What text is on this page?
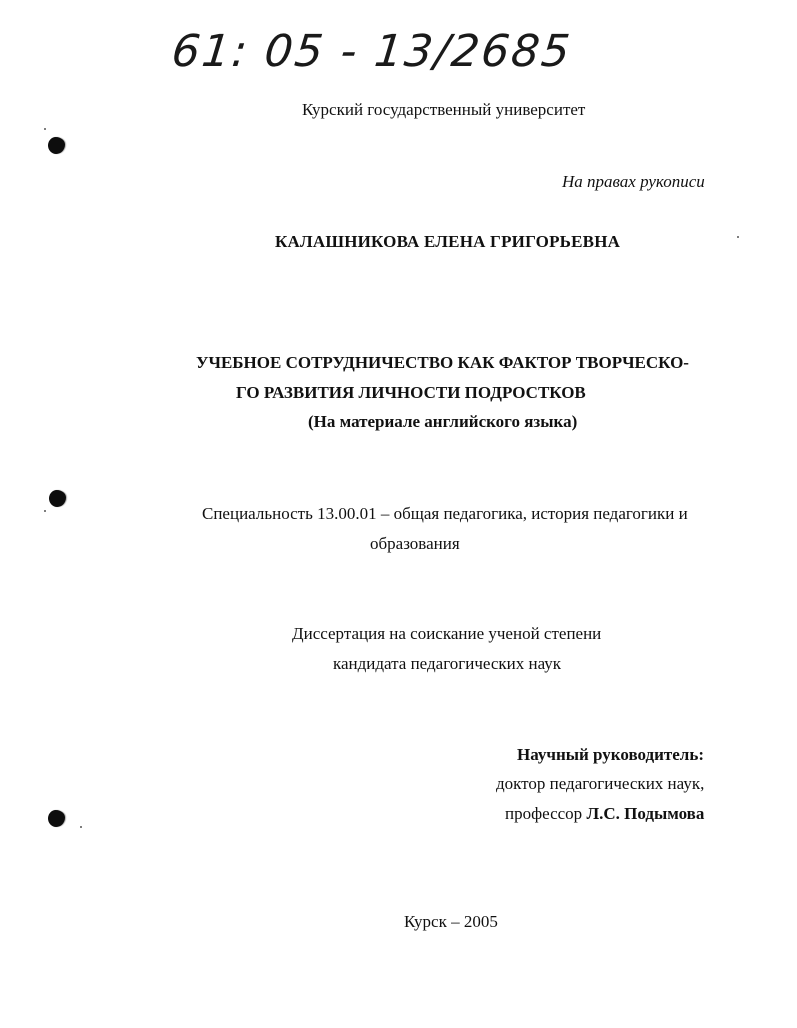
61: 05 - 13/2685
Курский государственный университет
На правах рукописи
КАЛАШНИКОВА ЕЛЕНА ГРИГОРЬЕВНА
УЧЕБНОЕ СОТРУДНИЧЕСТВО КАК ФАКТОР ТВОРЧЕСКО-
ГО РАЗВИТИЯ ЛИЧНОСТИ ПОДРОСТКОВ
(На материале английского языка)
Специальность 13.00.01 – общая педагогика, история педагогики и
образования
Диссертация на соискание ученой степени
кандидата педагогических наук
Научный руководитель:
доктор педагогических наук,
профессор Л.С. Подымова
Курск – 2005
